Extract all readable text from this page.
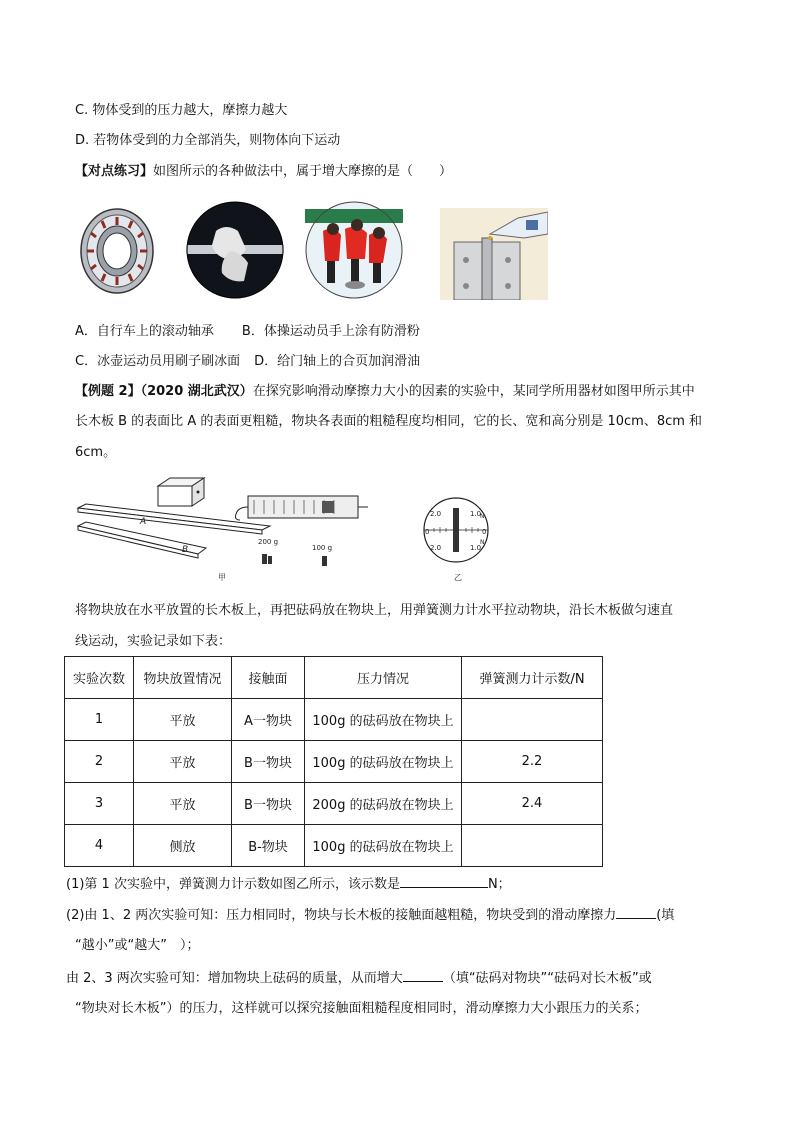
C. 物体受到的压力越大，摩擦力越大
D. 若物体受到的力全部消失，则物体向下运动
【对点练习】如图所示的各种做法中，属于增大摩擦的是（　　）
A．自行车上的滚动轴承 B．体操运动员手上涂有防滑粉
C．冰壶运动员用刷子刷冰面 D．给门轴上的合页加润滑油
【例题 2】（2020 湖北武汉）在探究影响滑动摩擦力大小的因素的实验中，某同学所用器材如图甲所示其中
长木板 B 的表面比 A 的表面更粗糙，物块各表面的粗糙程度均相同，它的长、宽和高分别是 10cm、8cm 和
6cm。
A
B
200 g
100 g
甲
2.0	1.0
N
0	0
2.0	1.0
N
乙
将物块放在水平放置的长木板上，再把砝码放在物块上，用弹簧测力计水平拉动物块，沿长木板做匀速直
线运动，实验记录如下表：
实验次数	物块放置情况	接触面	压力情况	弹簧测力计示数/N
1	平放	A一物块	100g 的砝码放在物块上	
2	平放	B一物块	100g 的砝码放在物块上	2.2
3	平放	B一物块	200g 的砝码放在物块上	2.4
4	侧放	B-物块	100g 的砝码放在物块上	
(1)第 1 次实验中，弹簧测力计示数如图乙所示，该示数是	N；
(2)由 1、2 两次实验可知：压力相同时，物块与长木板的接触面越粗糙，物块受到的滑动摩擦力	(填
“越小”或“越大”　）；
由 2、3 两次实验可知：增加物块上砝码的质量，从而增大	（填“砝码对物块”“砝码对长木板”或
“物块对长木板”）的压力，这样就可以探究接触面粗糙程度相同时，滑动摩擦力大小跟压力的关系；
